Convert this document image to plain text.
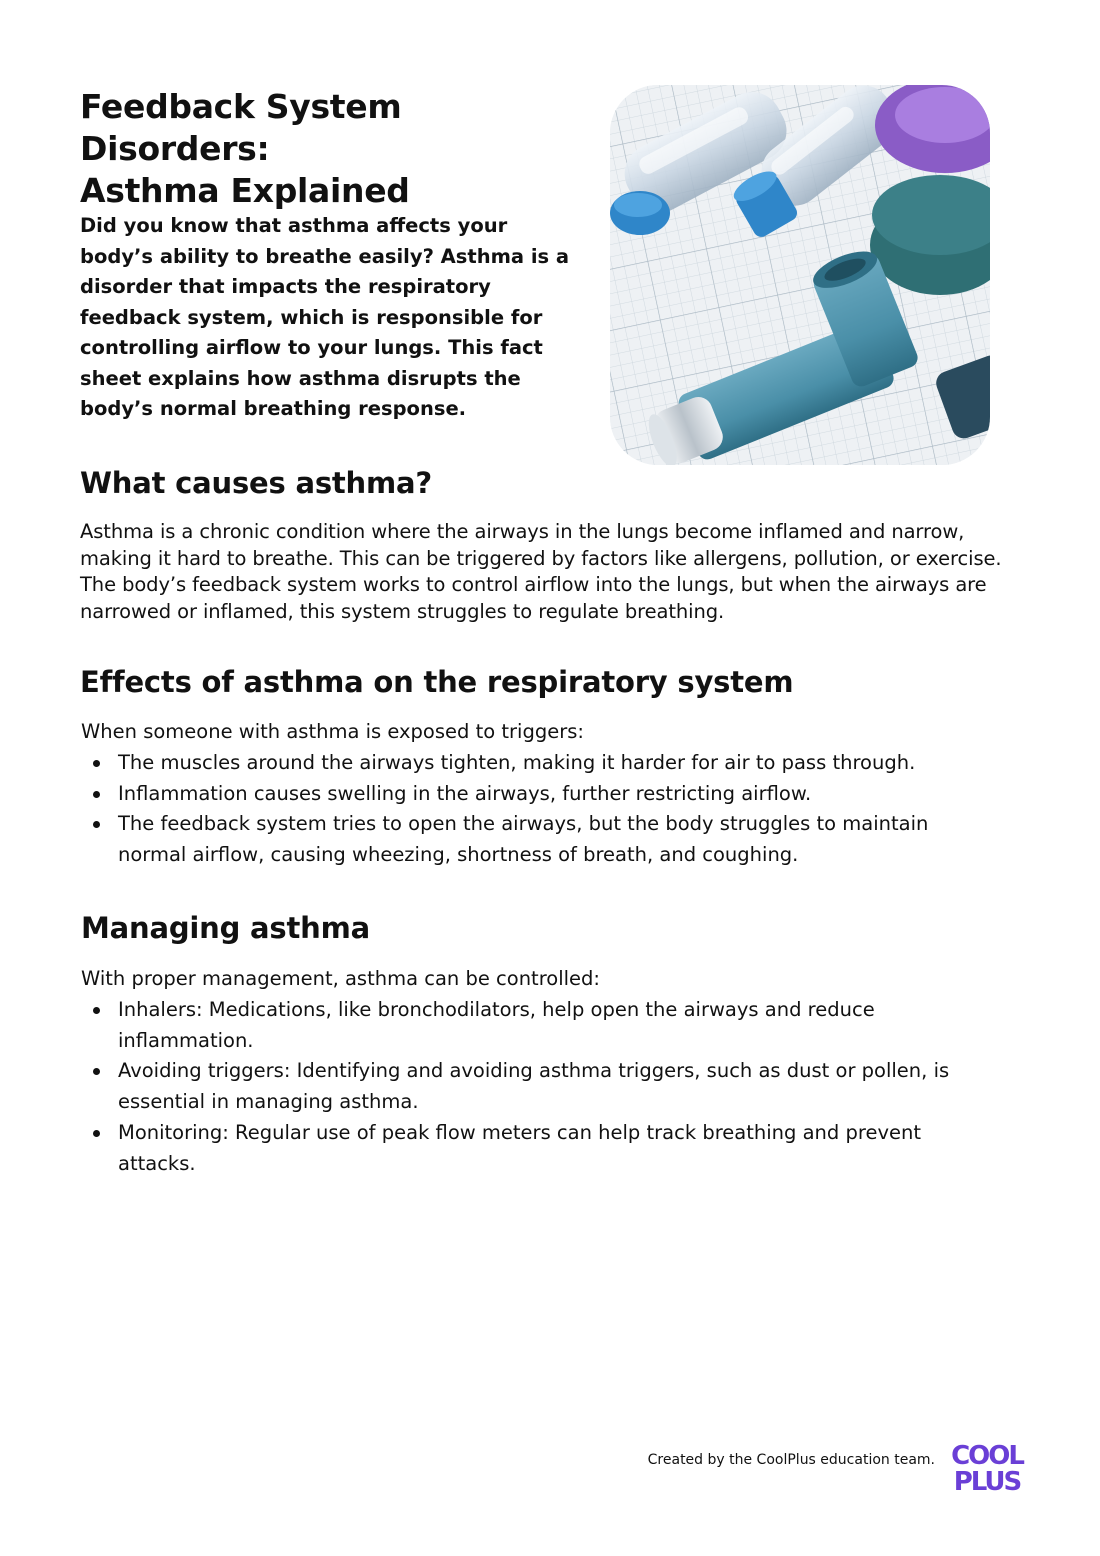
Feedback System Disorders:
Asthma Explained

Did you know that asthma affects your body’s ability to breathe easily? Asthma is a disorder that impacts the respiratory feedback system, which is responsible for controlling airflow to your lungs. This fact sheet explains how asthma disrupts the body’s normal breathing response.

What causes asthma?

Asthma is a chronic condition where the airways in the lungs become inflamed and narrow, making it hard to breathe. This can be triggered by factors like allergens, pollution, or exercise. The body’s feedback system works to control airflow into the lungs, but when the airways are narrowed or inflamed, this system struggles to regulate breathing.

Effects of asthma on the respiratory system

When someone with asthma is exposed to triggers:

The muscles around the airways tighten, making it harder for air to pass through.
Inflammation causes swelling in the airways, further restricting airflow.
The feedback system tries to open the airways, but the body struggles to maintain normal airflow, causing wheezing, shortness of breath, and coughing.
Managing asthma

With proper management, asthma can be controlled:

Inhalers: Medications, like bronchodilators, help open the airways and reduce inflammation.
Avoiding triggers: Identifying and avoiding asthma triggers, such as dust or pollen, is essential in managing asthma.
Monitoring: Regular use of peak flow meters can help track breathing and prevent attacks.
Created by the CoolPlus education team. COOL
PLUS
